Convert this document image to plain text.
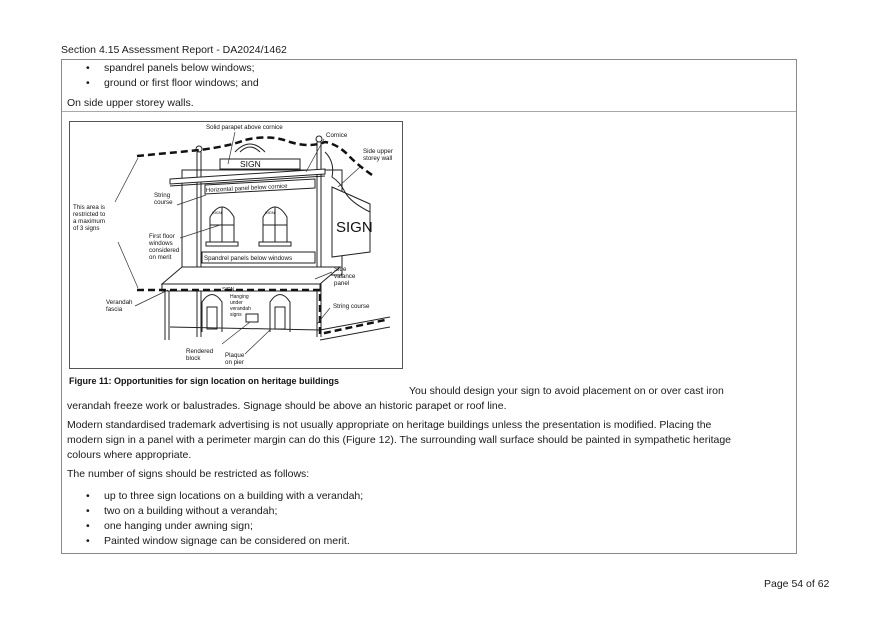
Section 4.15 Assessment Report - DA2024/1462
• spandrel panels below windows;
• ground or first floor windows; and
On side upper storey walls.
Solid parapet above cornice
Cornice
Side upper
storey wall
String
course
This area is
restricted to
a maximum
of 3 signs
First floor
windows
considered
on merit	Spandrel panels below windows
Side
valance
panel
Hanging
under
verandah
signs
Verandah
fascia	String course
Rendered
block	Plaque
on pier
SIGN
SIGN	SIGN
SIGN
Horizontal panel below cornice
SIGN
Figure 11: Opportunities for sign location on heritage buildings
You should design your sign to avoid placement on or over cast iron
verandah freeze work or balustrades. Signage should be above an historic parapet or roof line.
Modern standardised trademark advertising is not usually appropriate on heritage buildings unless the presentation is modified. Placing the
modern sign in a panel with a perimeter margin can do this (Figure 12). The surrounding wall surface should be painted in sympathetic heritage
colours where appropriate.
The number of signs should be restricted as follows:
• up to three sign locations on a building with a verandah;
• two on a building without a verandah;
• one hanging under awning sign;
• Painted window signage can be considered on merit.
Page 54 of 62
